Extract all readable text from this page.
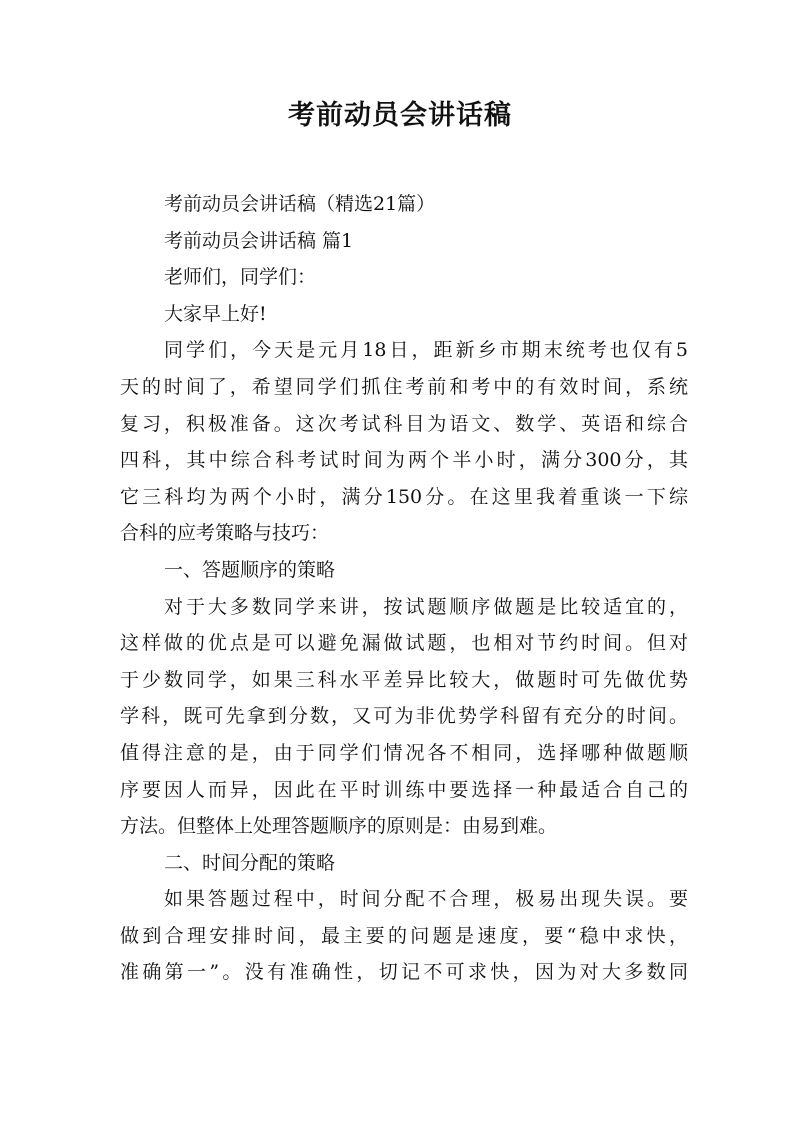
考前动员会讲话稿
考前动员会讲话稿（精选21篇）
考前动员会讲话稿 篇1
老师们，同学们：
大家早上好!
同学们，今天是元月18日，距新乡市期末统考也仅有5
天的时间了，希望同学们抓住考前和考中的有效时间，系统
复习，积极准备。这次考试科目为语文、数学、英语和综合
四科，其中综合科考试时间为两个半小时，满分300分，其
它三科均为两个小时，满分150分。在这里我着重谈一下综
合科的应考策略与技巧：
一、答题顺序的策略
对于大多数同学来讲，按试题顺序做题是比较适宜的，
这样做的优点是可以避免漏做试题，也相对节约时间。但对
于少数同学，如果三科水平差异比较大，做题时可先做优势
学科，既可先拿到分数，又可为非优势学科留有充分的时间。
值得注意的是，由于同学们情况各不相同，选择哪种做题顺
序要因人而异，因此在平时训练中要选择一种最适合自己的
方法。但整体上处理答题顺序的原则是：由易到难。
二、时间分配的策略
如果答题过程中，时间分配不合理，极易出现失误。要
做到合理安排时间，最主要的问题是速度，要“稳中求快，
准确第一”。没有准确性，切记不可求快，因为对大多数同
